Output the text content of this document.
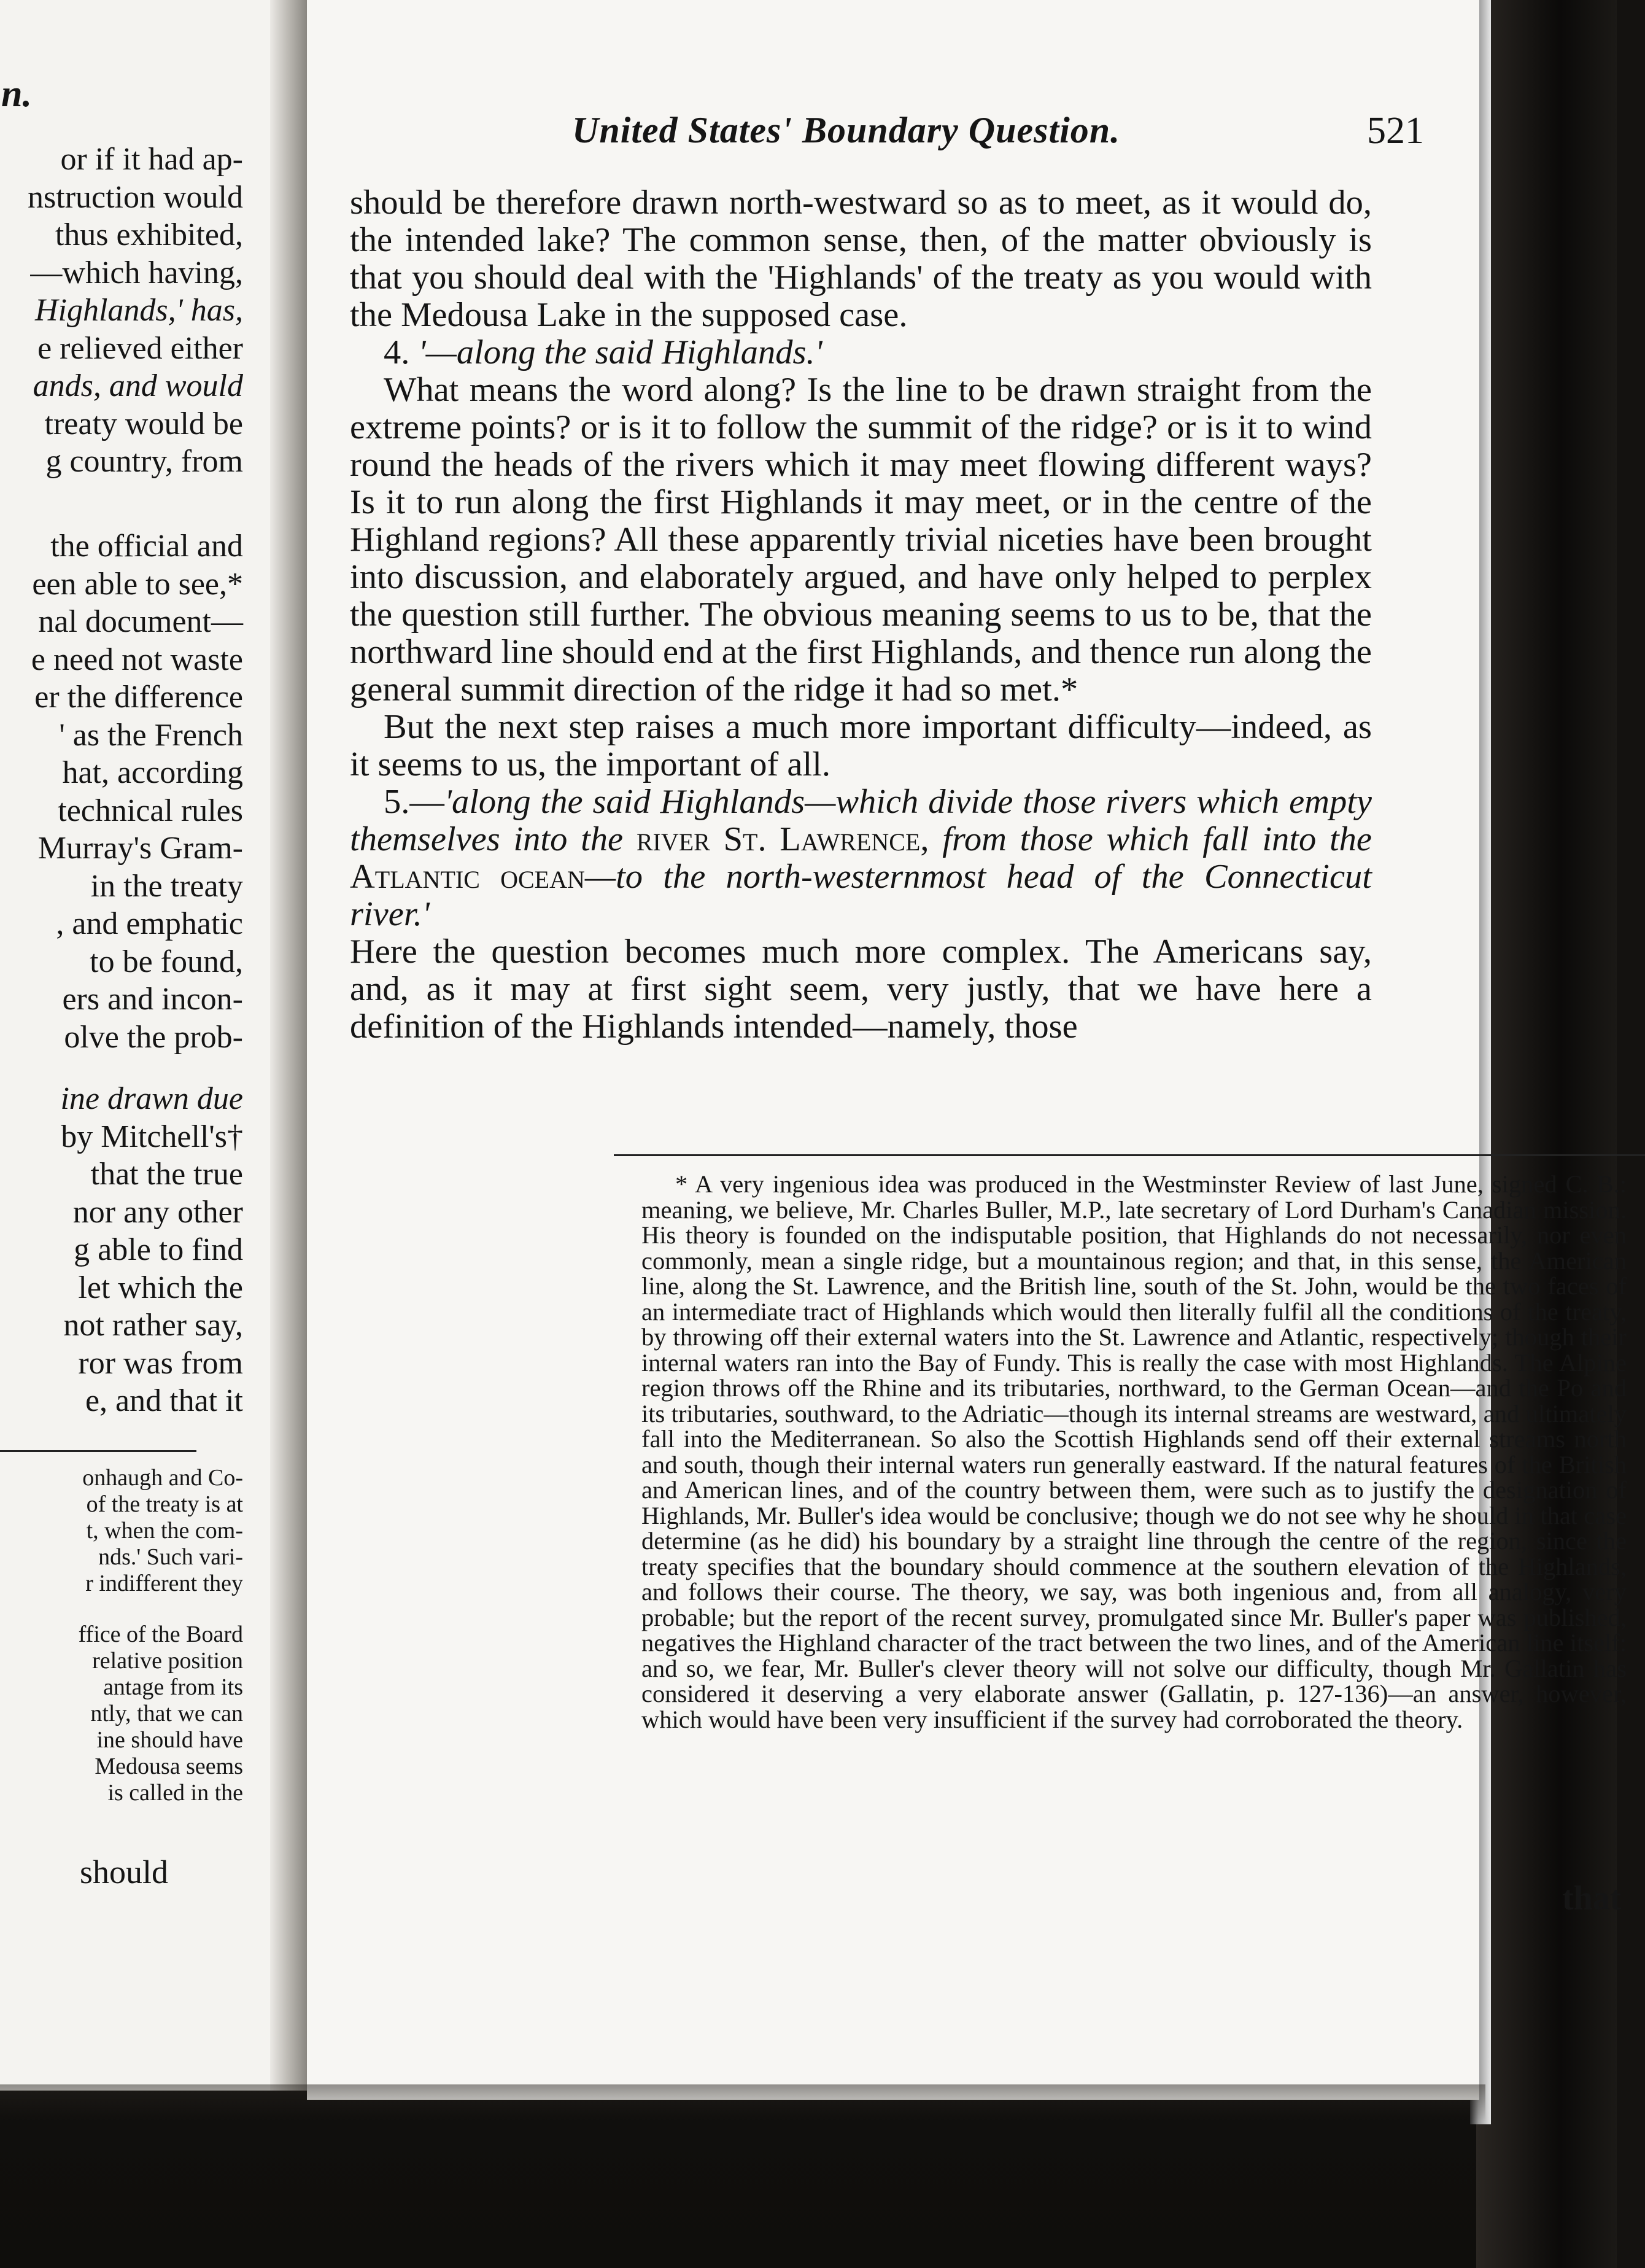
n.
should
or if it had ap-
nstruction would
thus exhibited,
—which having,
Highlands,' has,
e relieved either
ands, and would
treaty would be
g country, from
the official and
een able to see,*
nal document—
e need not waste
er the difference
' as the French
hat, according
technical rules
Murray's Gram-
in the treaty
, and emphatic
to be found,
ers and incon-
olve the prob-
ine drawn due
by Mitchell's†
that the true
nor any other
g able to find
let which the
not rather say,
ror was from
e, and that it
onhaugh and Co-
of the treaty is at
t, when the com-
nds.' Such vari-
r indifferent they
ffice of the Board
relative position
antage from its
ntly, that we can
ine should have
Medousa seems
is called in the
United States' Boundary Question.	521

should be therefore drawn north-westward so as to meet, as it would do, the intended lake? The common sense, then, of the matter obviously is that you should deal with the 'Highlands' of the treaty as you would with the Medousa Lake in the supposed case.

4. '—along the said Highlands.'

What means the word along? Is the line to be drawn straight from the extreme points? or is it to follow the summit of the ridge? or is it to wind round the heads of the rivers which it may meet flowing different ways? Is it to run along the first Highlands it may meet, or in the centre of the Highland regions? All these apparently trivial niceties have been brought into discussion, and elaborately argued, and have only helped to perplex the question still further. The obvious meaning seems to us to be, that the northward line should end at the first Highlands, and thence run along the general summit direction of the ridge it had so met.*

But the next step raises a much more important difficulty—indeed, as it seems to us, the important of all.

5.—'along the said Highlands—which divide those rivers which empty themselves into the river St. Lawrence, from those which fall into the Atlantic ocean—to the north-westernmost head of the Connecticut river.'

Here the question becomes much more complex. The Americans say, and, as it may at first sight seem, very justly, that we have here a definition of the Highlands intended—namely, those

* A very ingenious idea was produced in the Westminster Review of last June, signed C. B.: meaning, we believe, Mr. Charles Buller, M.P., late secretary of Lord Durham's Canadian mission. His theory is founded on the indisputable position, that Highlands do not necessarily, nor even commonly, mean a single ridge, but a mountainous region; and that, in this sense, the American line, along the St. Lawrence, and the British line, south of the St. John, would be the two faces of an intermediate tract of Highlands which would then literally fulfil all the conditions of the treaty, by throwing off their external waters into the St. Lawrence and Atlantic, respectively; though their internal waters ran into the Bay of Fundy. This is really the case with most Highlands. The Alpine region throws off the Rhine and its tributaries, northward, to the German Ocean—and the Po and its tributaries, southward, to the Adriatic—though its internal streams are westward, and ultimately fall into the Mediterranean. So also the Scottish Highlands send off their external streams north and south, though their internal waters run generally eastward. If the natural features of the British and American lines, and of the country between them, were such as to justify the designation of Highlands, Mr. Buller's idea would be conclusive; though we do not see why he should in that case determine (as he did) his boundary by a straight line through the centre of the region, since the treaty specifies that the boundary should commence at the southern elevation of the Highlands, and follows their course. The theory, we say, was both ingenious and, from all analogy, very probable; but the report of the recent survey, promulgated since Mr. Buller's paper was published, negatives the Highland character of the tract between the two lines, and of the American line itself: and so, we fear, Mr. Buller's clever theory will not solve our difficulty, though Mr. Gallatin has considered it deserving a very elaborate answer (Gallatin, p. 127-136)—an answer, however, which would have been very insufficient if the survey had corroborated the theory.

that
